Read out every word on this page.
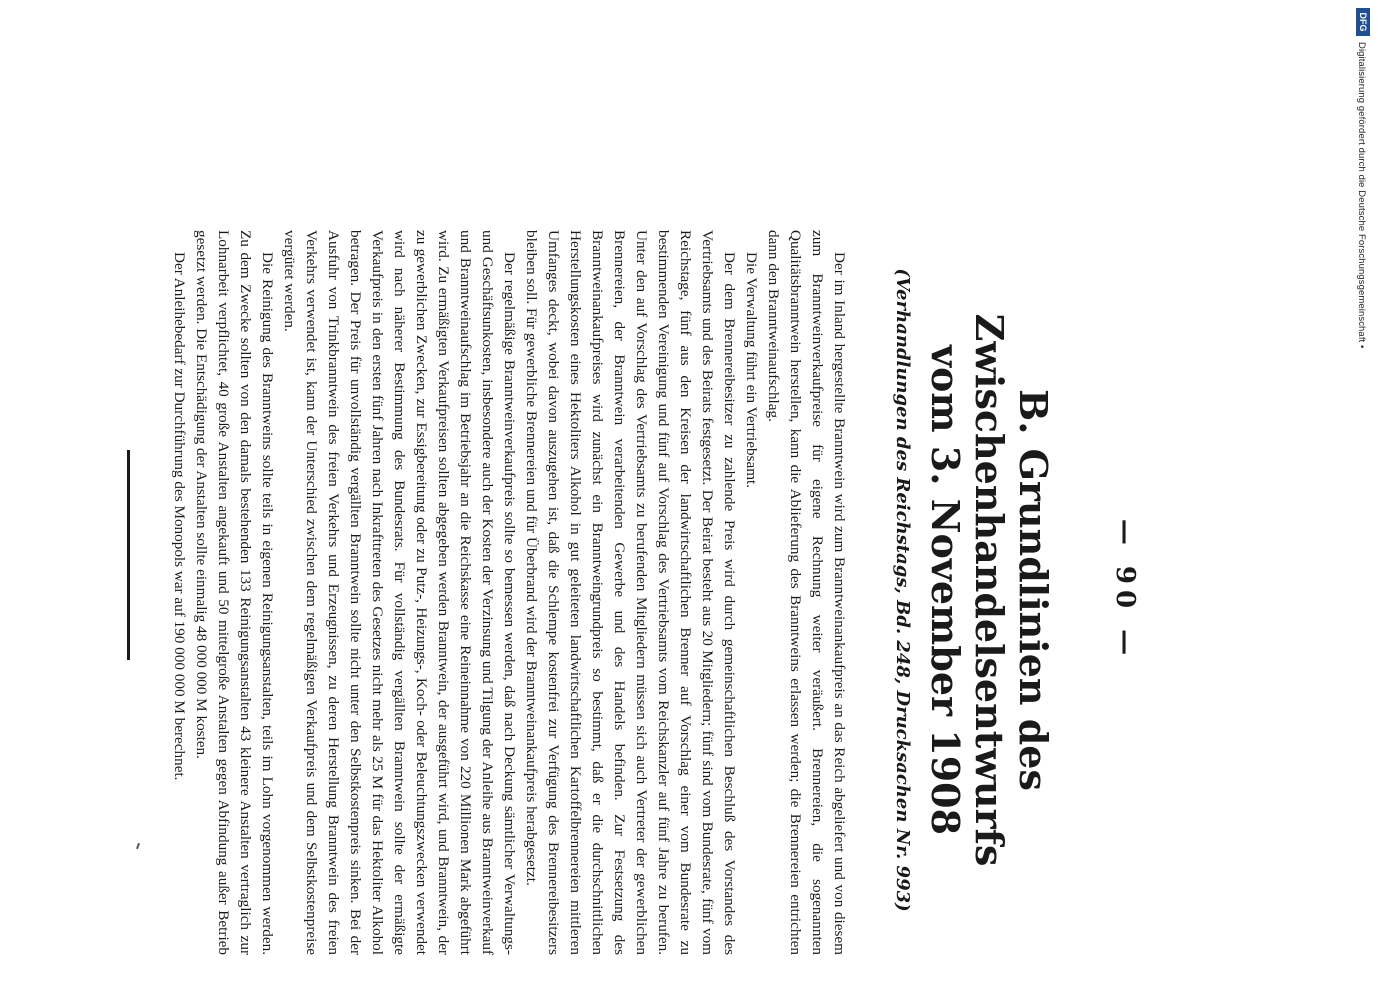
— 90 —
B.Grundlinien des Zwischenhandelsentwurfs
vom 3. November 1908
(Verhandlungen des Reichstags, Bd. 248, Drucksachen Nr. 993)

Der im Inland hergestellte Branntwein wird zum Branntweinankaufpreis an das Reich abgeliefert und von diesem zum Branntweinverkaufpreise für eigene Rechnung weiter veräußert. Brennereien, die sogenannten Qualitätsbranntwein herstellen, kann die Ablieferung des Branntweins erlassen werden; die Brennereien entrichten dann den Branntweinaufschlag.

Die Verwaltung führt ein Vertriebsamt.

Der dem Brennereibesitzer zu zahlende Preis wird durch gemeinschaftlichen Beschluß des Vorstandes des Vertriebsamts und des Beirats festgesetzt. Der Beirat besteht aus 20 Mitgliedern; fünf sind vom Bundesrate, fünf vom Reichstage, fünf aus den Kreisen der landwirtschaftlichen Brenner auf Vorschlag einer vom Bundesrate zu bestimmenden Vereinigung und fünf auf Vorschlag des Vertriebsamts vom Reichskanzler auf fünf Jahre zu berufen. Unter den auf Vorschlag des Vertriebsamts zu berufenden Mitgliedern müssen sich auch Vertreter der gewerblichen Brennereien, der Branntwein verarbeitenden Gewerbe und des Handels befinden. Zur Festsetzung des Branntweinankaufpreises wird zunächst ein Branntweingrundpreis so bestimmt, daß er die durchschnittlichen Herstellungskosten eines Hektoliters Alkohol in gut geleiteten landwirtschaftlichen Kartoffelbrennereien mittleren Umfanges deckt, wobei davon auszugehen ist, daß die Schlempe kostenfrei zur Verfügung des Brennereibesitzers bleiben soll. Für gewerbliche Brennereien und für Überbrand wird der Branntweinankaufpreis herabgesetzt.

Der regelmäßige Branntweinverkaufpreis sollte so bemessen werden, daß nach Deckung sämtlicher Verwaltungs- und Geschäftsunkosten, insbesondere auch der Kosten der Verzinsung und Tilgung der Anleihe aus Branntweinverkauf und Branntweinaufschlag im Betriebsjahr an die Reichskasse eine Reineinnahme von 220 Millionen Mark abgeführt wird. Zu ermäßigten Verkaufpreisen sollten abgegeben werden Branntwein, der ausgeführt wird, und Branntwein, der zu gewerblichen Zwecken, zur Essigbereitung oder zu Putz-, Heizungs-, Koch- oder Beleuchtungszwecken verwendet wird nach näherer Bestimmung des Bundesrats. Für vollständig vergällten Branntwein sollte der ermäßigte Verkaufpreis in den ersten fünf Jahren nach Inkrafttreten des Gesetzes nicht mehr als 25 M für das Hektoliter Alkohol betragen. Der Preis für unvollständig vergällten Branntwein sollte nicht unter den Selbstkostenpreis sinken. Bei der Ausfuhr von Trinkbranntwein des freien Verkehrs und Erzeugnissen, zu deren Herstellung Branntwein des freien Verkehrs verwendet ist, kann der Unterschied zwischen dem regelmäßigen Verkaufpreis und dem Selbstkostenpreise vergütet werden.

Die Reinigung des Branntweins sollte teils in eigenen Reinigungsanstalten, teils im Lohn vorgenommen werden. Zu dem Zwecke sollten von den damals bestehenden 133 Reinigungsanstalten 43 kleinere Anstalten vertraglich zur Lohnarbeit verpflichtet, 40 große Anstalten angekauft und 50 mittelgroße Anstalten gegen Abfindung außer Betrieb gesetzt werden. Die Entschädigung der Anstalten sollte einmalig 48 000 000 M kosten.

Der Anleihebedarf zur Durchführung des Monopols war auf 190 000 000 M berechnet.

DFG
Digitalisierung gefördert durch die Deutsche Forschungsgemeinschaft •
